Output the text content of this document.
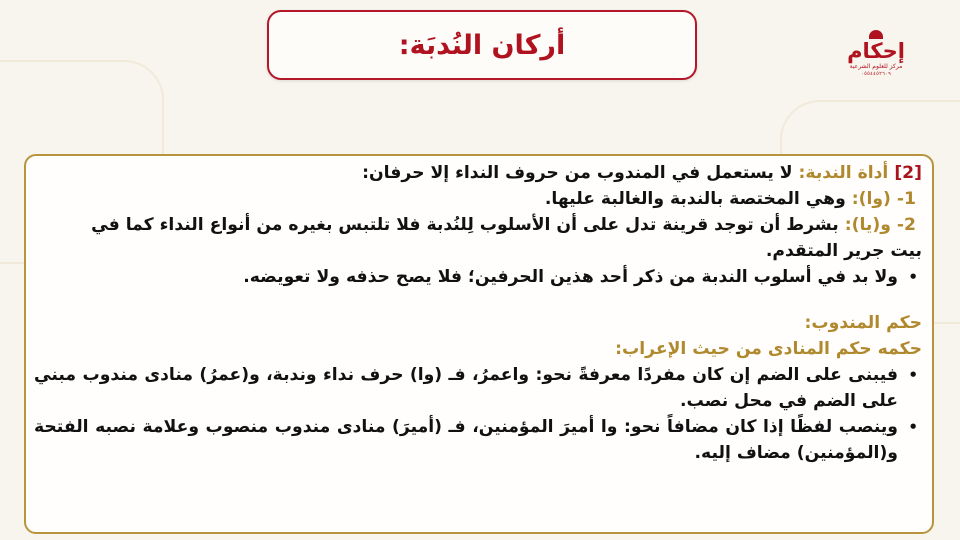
أركان النُدبَة:	إحكام
مركز للعلوم الشرعية
٠٥٥٤٤٥٢٦٠٩
[2] أداة الندبة: لا يستعمل في المندوب من حروف النداء إلا حرفان:
1- (وا): وهي المختصة بالندبة والغالبة عليها.
2- و(يا): بشرط أن توجد قرينة تدل على أن الأسلوب لِلنُدبة فلا تلتبس بغيره من أنواع النداء كما في
بيت جرير المتقدم.
•
ولا بد في أسلوب الندبة من ذكر أحد هذين الحرفين؛ فلا يصح حذفه ولا تعويضه.
حكم المندوب:
حكمه حكم المنادى من حيث الإعراب:
•
فيبنى على الضم إن كان مفردًا معرفةً نحو: واعمرُ، فـ (وا) حرف نداء وندبة، و(عمرُ) منادى مندوب مبني على الضم في محل نصب.
•
وينصب لفظًا إذا كان مضافاً نحو: وا أميرَ المؤمنين، فـ (أميرَ) منادى مندوب منصوب وعلامة نصبه الفتحة و(المؤمنين) مضاف إليه.
